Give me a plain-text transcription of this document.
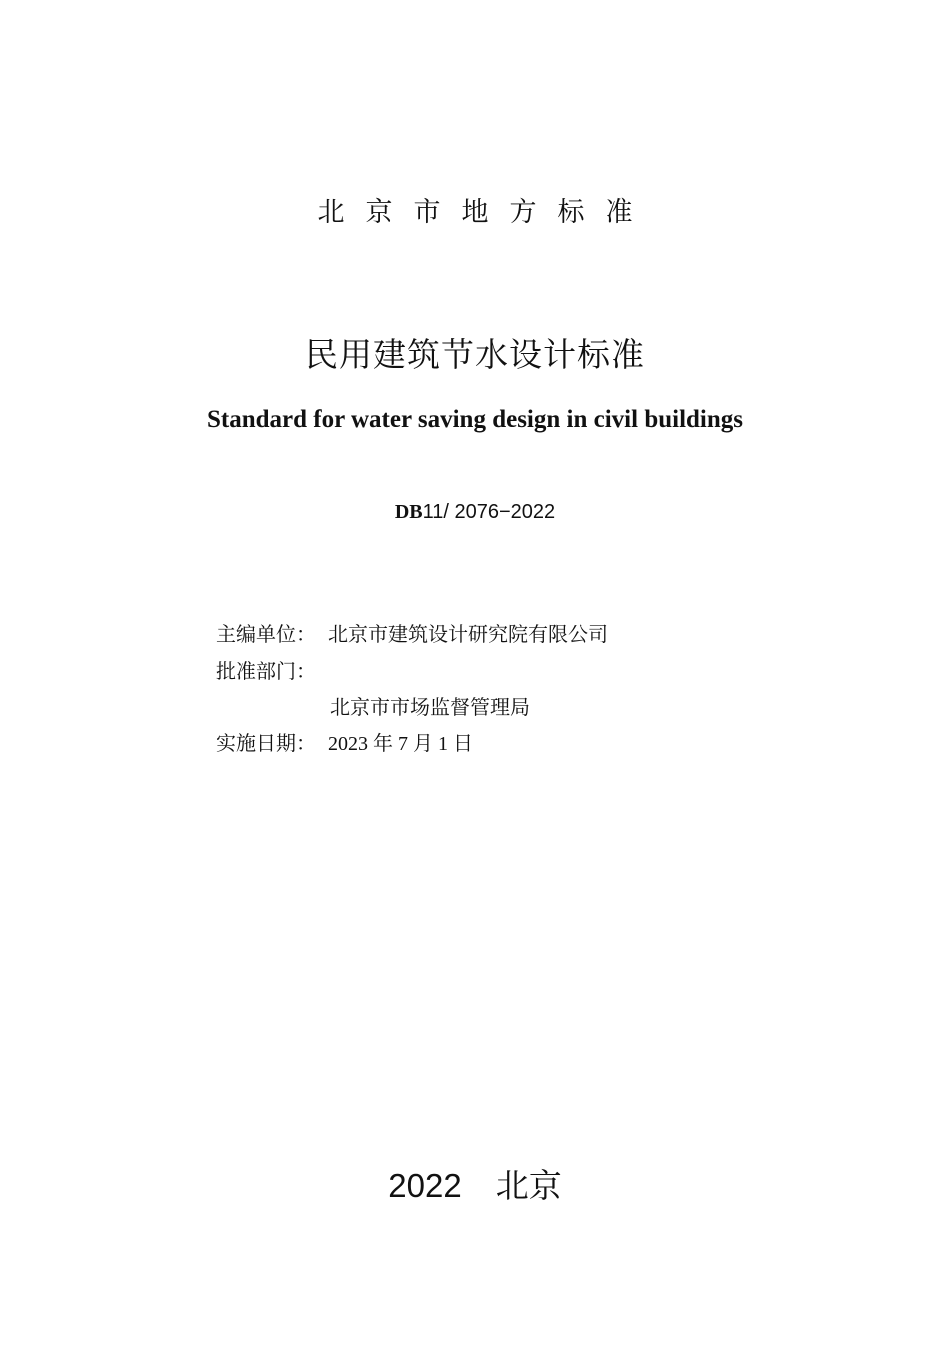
北京市地方标准
民用建筑节水设计标准
Standard for water saving design in civil buildings
DB11/ 2076−2022
主编单位： 北京市建筑设计研究院有限公司
批准部门：
北京市市场监督管理局
实施日期： 2023 年 7 月 1 日
2022 北京
